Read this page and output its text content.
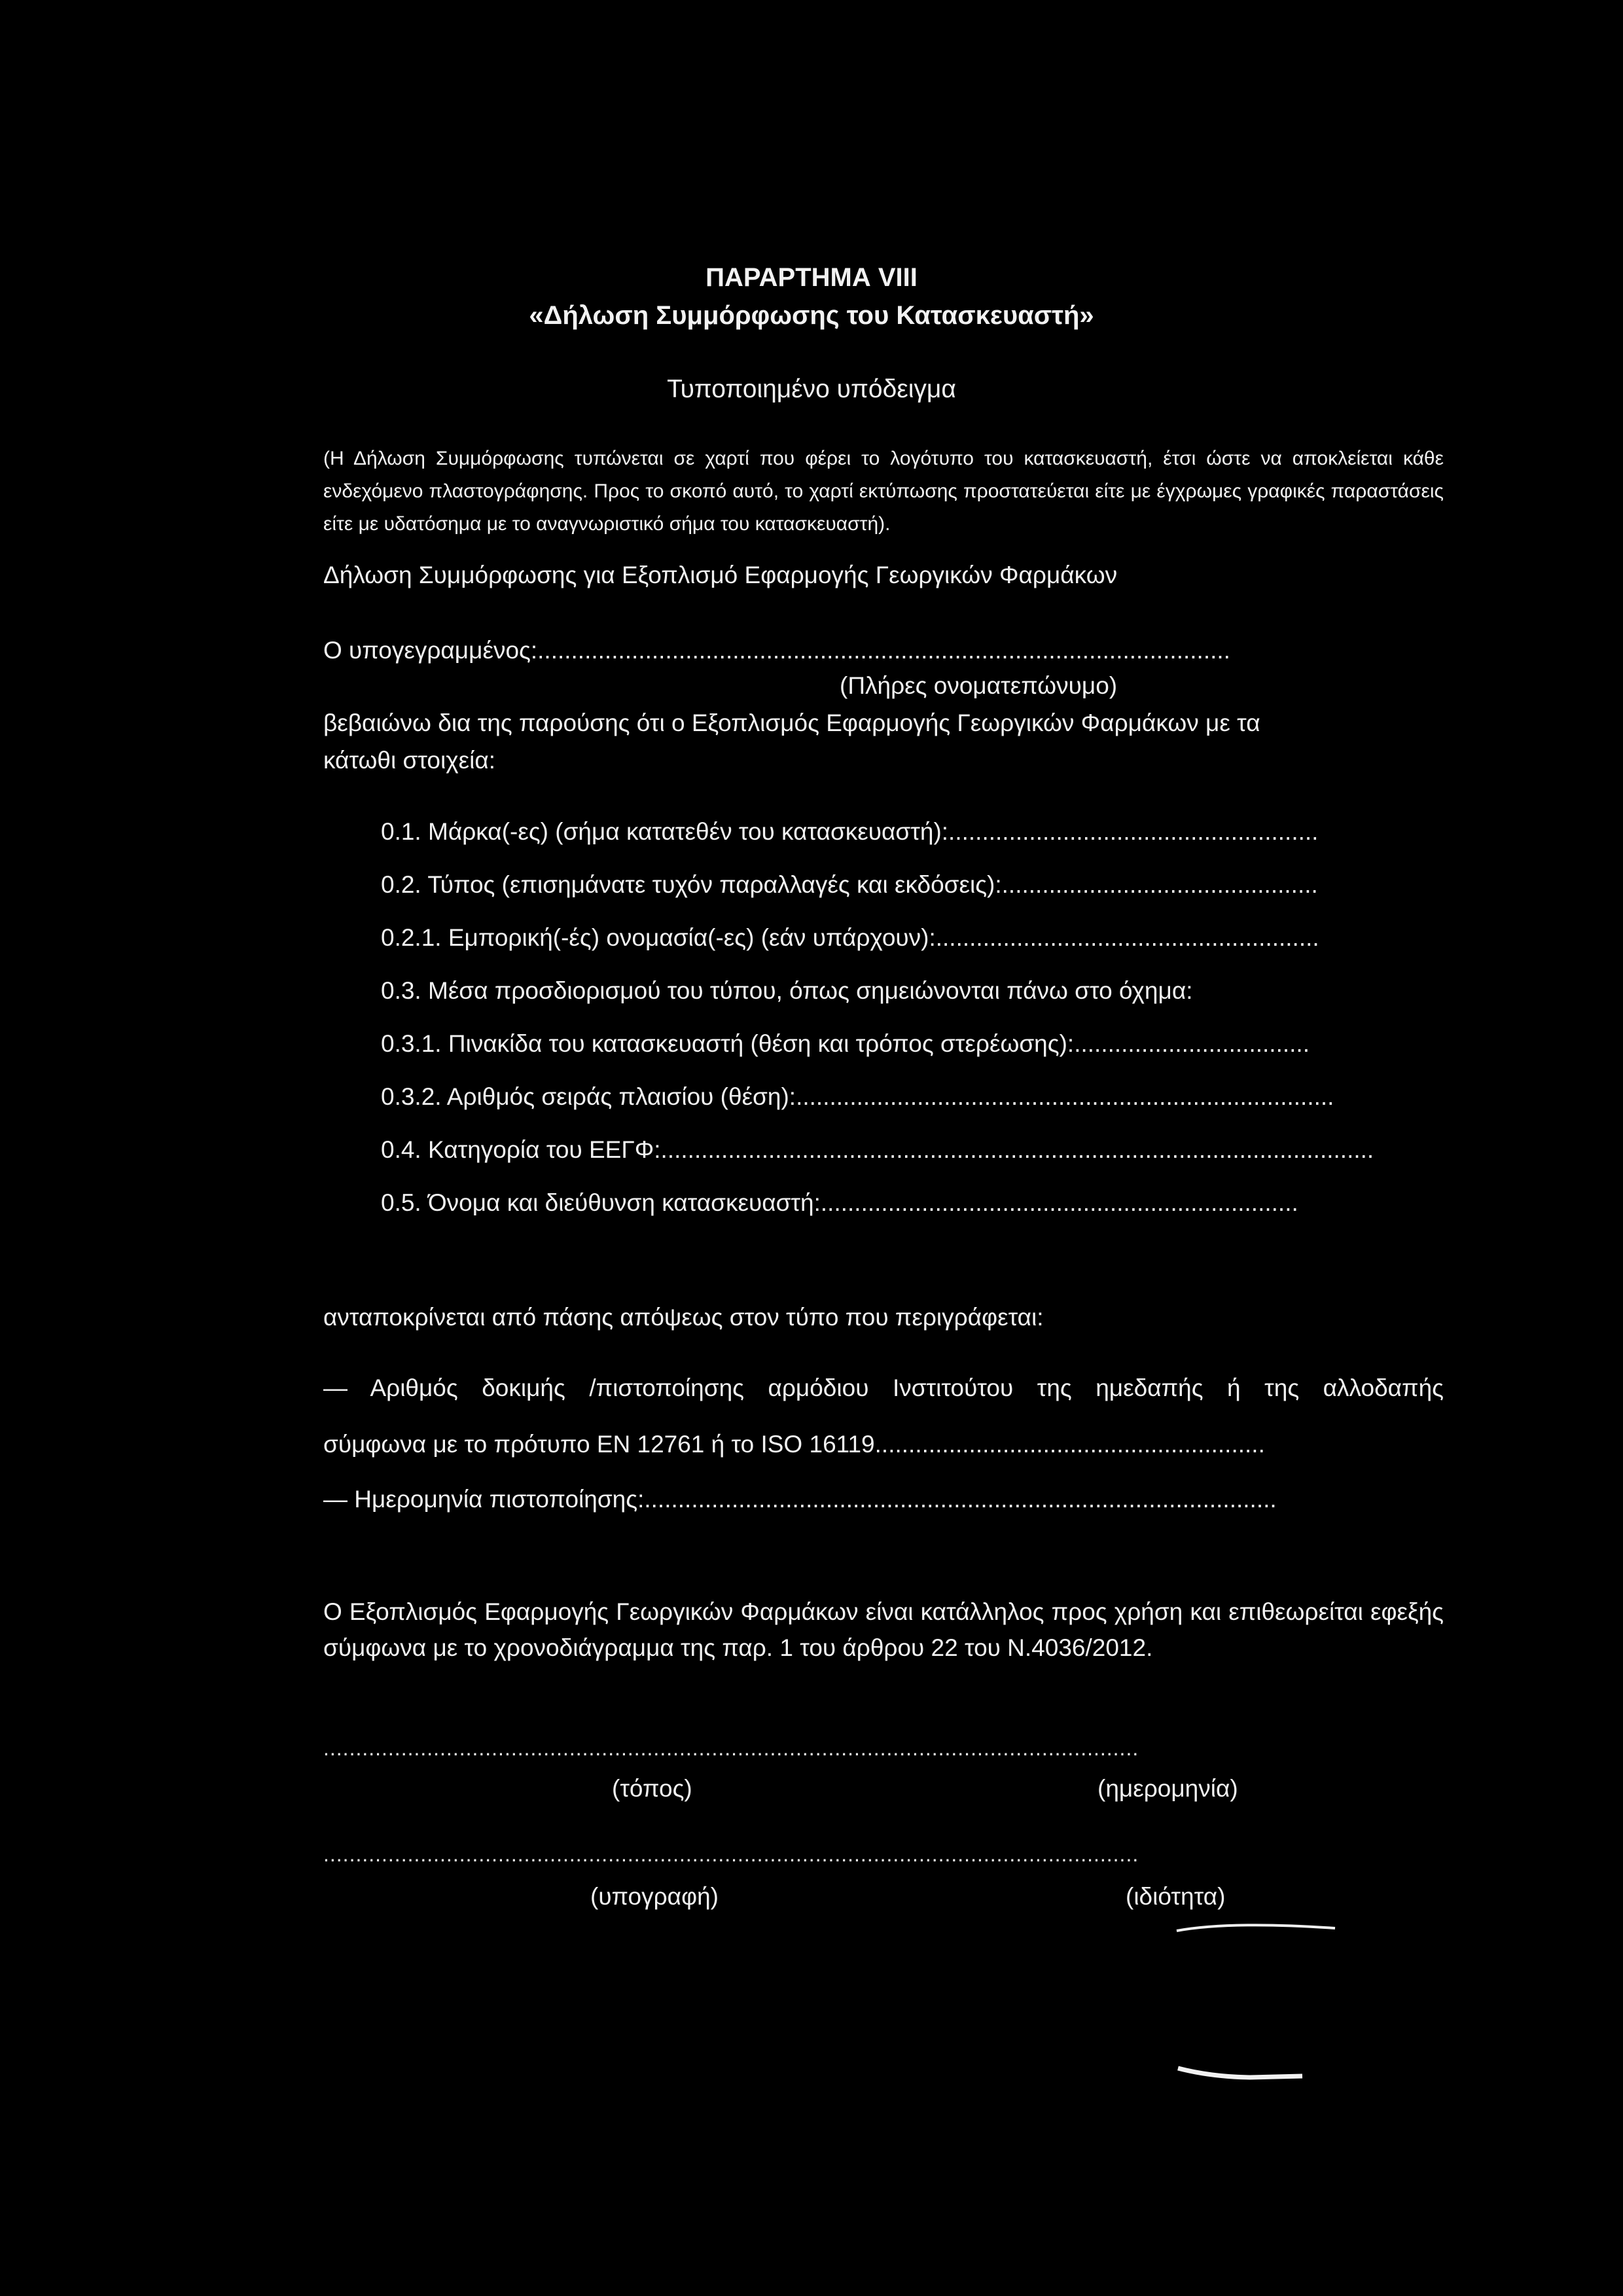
ΠΑΡΑΡΤΗΜΑ VIII
«Δήλωση Συμμόρφωσης του Κατασκευαστή»
Τυποποιημένο υπόδειγμα
(Η Δήλωση Συμμόρφωσης τυπώνεται σε χαρτί που φέρει το λογότυπο του κατασκευαστή, έτσι ώστε να αποκλείεται κάθε ενδεχόμενο πλαστογράφησης. Προς το σκοπό αυτό, το χαρτί εκτύπωσης προστατεύεται είτε με έγχρωμες γραφικές παραστάσεις είτε με υδατόσημα με το αναγνωριστικό σήμα του κατασκευαστή).
Δήλωση Συμμόρφωσης για Εξοπλισμό Εφαρμογής Γεωργικών Φαρμάκων
Ο υπογεγραμμένος:.......................................................................................................
(Πλήρες ονοματεπώνυμο)
βεβαιώνω δια της παρούσης ότι ο Εξοπλισμός Εφαρμογής Γεωργικών Φαρμάκων με τα
κάτωθι στοιχεία:
0.1. Μάρκα(-ες) (σήμα κατατεθέν του κατασκευαστή):.......................................................
0.2. Τύπος (επισημάνατε τυχόν παραλλαγές και εκδόσεις):...............................................
0.2.1. Εμπορική(-ές) ονομασία(-ες) (εάν υπάρχουν):.........................................................
0.3. Μέσα προσδιορισμού του τύπου, όπως σημειώνονται πάνω στο όχημα:
0.3.1. Πινακίδα του κατασκευαστή (θέση και τρόπος στερέωσης):...................................
0.3.2. Αριθμός σειράς πλαισίου (θέση):................................................................................
0.4. Κατηγορία του ΕΕΓΦ:..........................................................................................................
0.5. Όνομα και διεύθυνση κατασκευαστή:.......................................................................
ανταποκρίνεται από πάσης απόψεως στον τύπο που περιγράφεται:
— Αριθμός δοκιμής /πιστοποίησης αρμόδιου Ινστιτούτου της ημεδαπής ή της αλλοδαπής
σύμφωνα με το πρότυπο EN 12761 ή το ISO 16119..........................................................
— Ημερομηνία πιστοποίησης:..............................................................................................
Ο Εξοπλισμός Εφαρμογής Γεωργικών Φαρμάκων είναι κατάλληλος προς χρήση και επιθεωρείται εφεξής σύμφωνα με το χρονοδιάγραμμα της παρ. 1 του άρθρου 22 του Ν.4036/2012.
..............................................................................................................................
(τόπος)	(ημερομηνία)
..............................................................................................................................
(υπογραφή)	(ιδιότητα)
